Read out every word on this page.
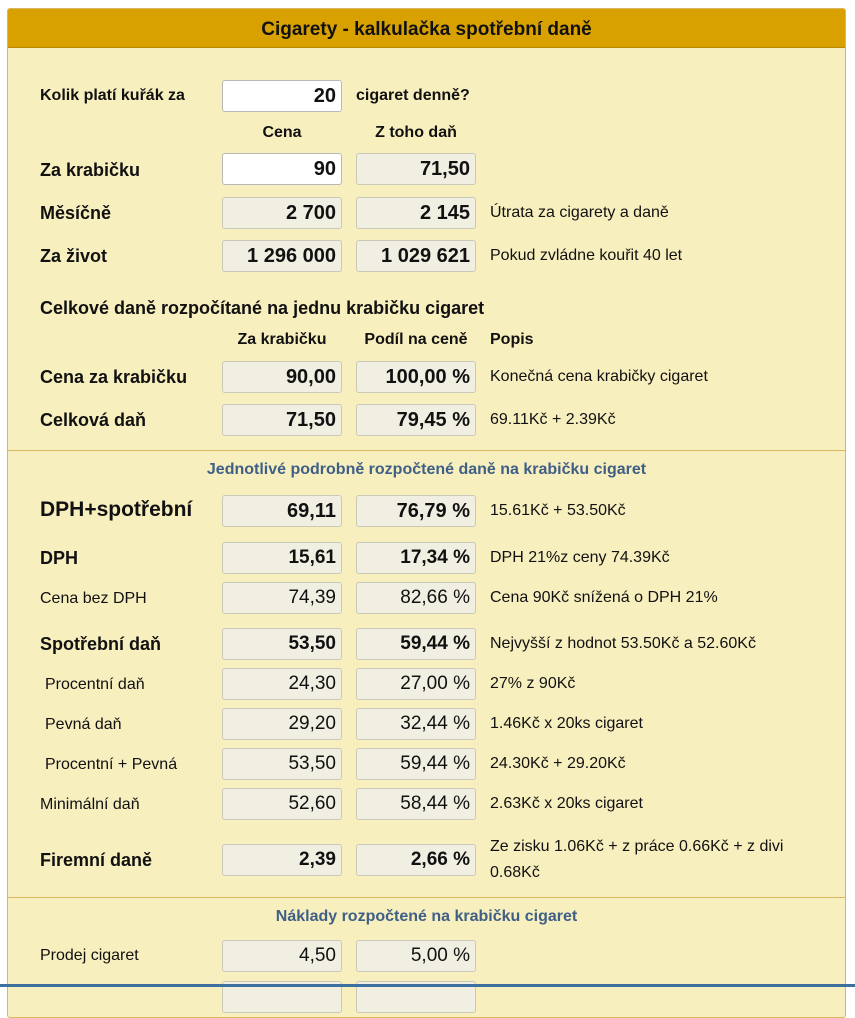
Cigarety - kalkulačka spotřební daně
Kolik platí kuřák za	20	cigaret denně?
Cena	Z toho daň
Za krabičku	90	71,50
Měsíčně	2 700	2 145	Útrata za cigarety a daně
Za život	1 296 000	1 029 621	Pokud zvládne kouřit 40 let
Celkové daně rozpočítané na jednu krabičku cigaret
Za krabičku	Podíl na ceně	Popis
Cena za krabičku	90,00	100,00 %	Konečná cena krabičky cigaret
Celková daň	71,50	79,45 %	69.11Kč + 2.39Kč
Jednotlivé podrobně rozpočtené daně na krabičku cigaret
DPH+spotřební	69,11	76,79 %	15.61Kč + 53.50Kč
DPH	15,61	17,34 %	DPH 21%z ceny 74.39Kč
Cena bez DPH	74,39	82,66 %	Cena 90Kč snížená o DPH 21%
Spotřební daň	53,50	59,44 %	Nejvyšší z hodnot 53.50Kč a 52.60Kč
Procentní daň	24,30	27,00 %	27% z 90Kč
Pevná daň	29,20	32,44 %	1.46Kč x 20ks cigaret
Procentní + Pevná	53,50	59,44 %	24.30Kč + 29.20Kč
Minimální daň	52,60	58,44 %	2.63Kč x 20ks cigaret
Firemní daně	2,39	2,66 %
Ze zisku 1.06Kč + z práce 0.66Kč + z divi
0.68Kč
Náklady rozpočtené na krabičku cigaret
Prodej cigaret	4,50	5,00 %
